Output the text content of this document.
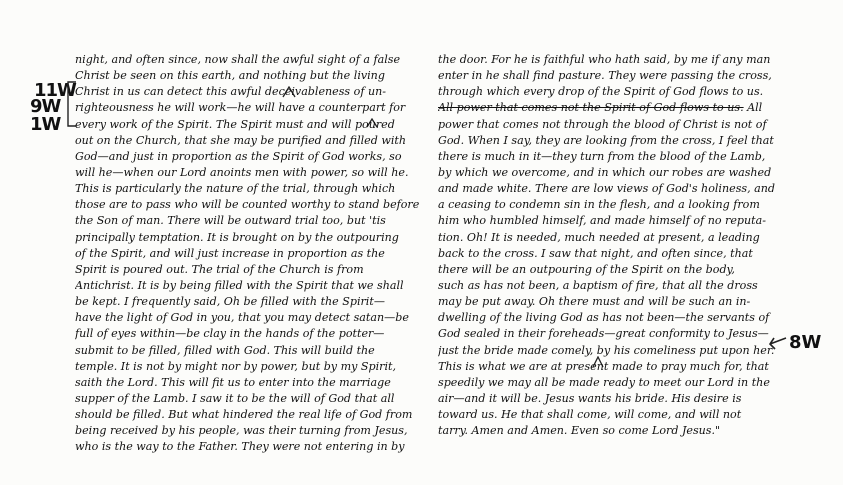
11W
9W
1W
8W
night, and often since, now shall the awful sight of a false
Christ be seen on this earth, and nothing but the living
Christ in us can detect this awful deceivableness of un-
righteousness he will work—he will have a counterpart for
every work of the Spirit. The Spirit must and will poured
out on the Church, that she may be purified and filled with
God—and just in proportion as the Spirit of God works, so
will he—when our Lord anoints men with power, so will he.
This is particularly the nature of the trial, through which
those are to pass who will be counted worthy to stand before
the Son of man. There will be outward trial too, but 'tis
principally temptation. It is brought on by the outpouring
of the Spirit, and will just increase in proportion as the
Spirit is poured out. The trial of the Church is from
Antichrist. It is by being filled with the Spirit that we shall
be kept. I frequently said, Oh be filled with the Spirit—
have the light of God in you, that you may detect satan—be
full of eyes within—be clay in the hands of the potter—
submit to be filled, filled with God. This will build the
temple. It is not by might nor by power, but by my Spirit,
saith the Lord. This will fit us to enter into the marriage
supper of the Lamb. I saw it to be the will of God that all
should be filled. But what hindered the real life of God from
being received by his people, was their turning from Jesus,
who is the way to the Father. They were not entering in by
the door. For he is faithful who hath said, by me if any man
enter in he shall find pasture. They were passing the cross,
through which every drop of the Spirit of God flows to us.
All power that comes not the Spirit of God flows to us. All
power that comes not through the blood of Christ is not of
God. When I say, they are looking from the cross, I feel that
there is much in it—they turn from the blood of the Lamb,
by which we overcome, and in which our robes are washed
and made white. There are low views of God's holiness, and
a ceasing to condemn sin in the flesh, and a looking from
him who humbled himself, and made himself of no reputa-
tion. Oh! It is needed, much needed at present, a leading
back to the cross. I saw that night, and often since, that
there will be an outpouring of the Spirit on the body,
such as has not been, a baptism of fire, that all the dross
may be put away. Oh there must and will be such an in-
dwelling of the living God as has not been—the servants of
God sealed in their foreheads—great conformity to Jesus—
just the bride made comely, by his comeliness put upon her.
This is what we are at present made to pray much for, that
speedily we may all be made ready to meet our Lord in the
air—and it will be. Jesus wants his bride. His desire is
toward us. He that shall come, will come, and will not
tarry. Amen and Amen. Even so come Lord Jesus."
